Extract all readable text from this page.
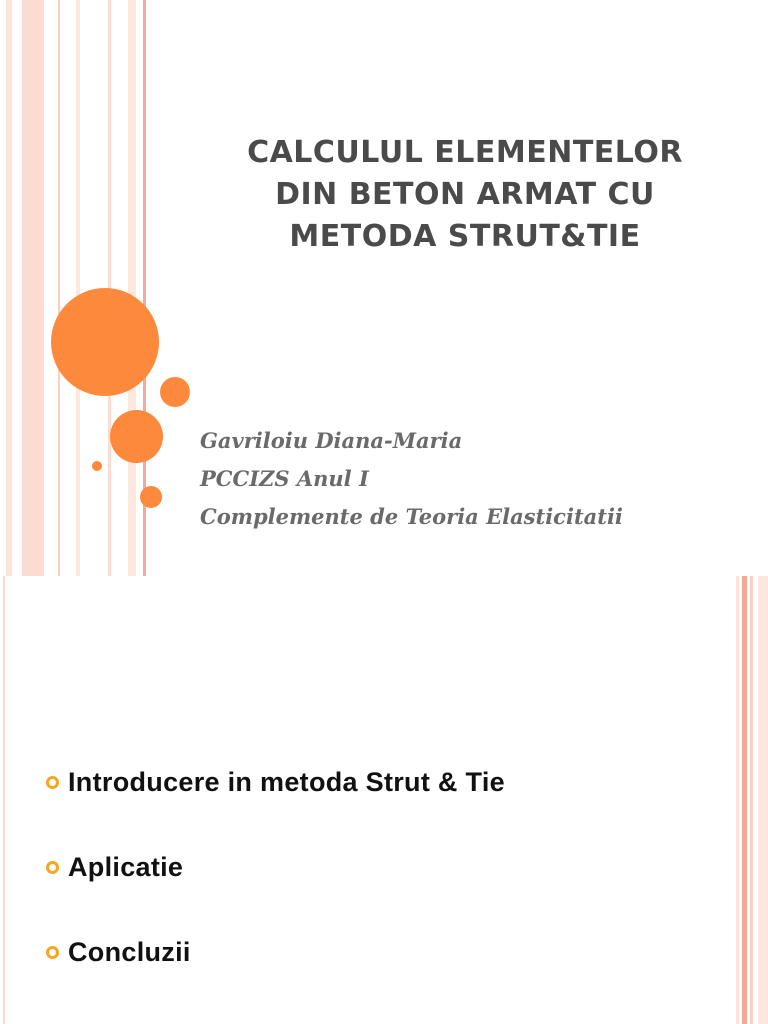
CALCULUL ELEMENTELOR
DIN BETON ARMAT CU
METODA STRUT&TIE
Gavriloiu Diana-Maria
PCCIZS Anul I
Complemente de Teoria Elasticitatii
Introducere in metoda Strut & Tie
Aplicatie
Concluzii
